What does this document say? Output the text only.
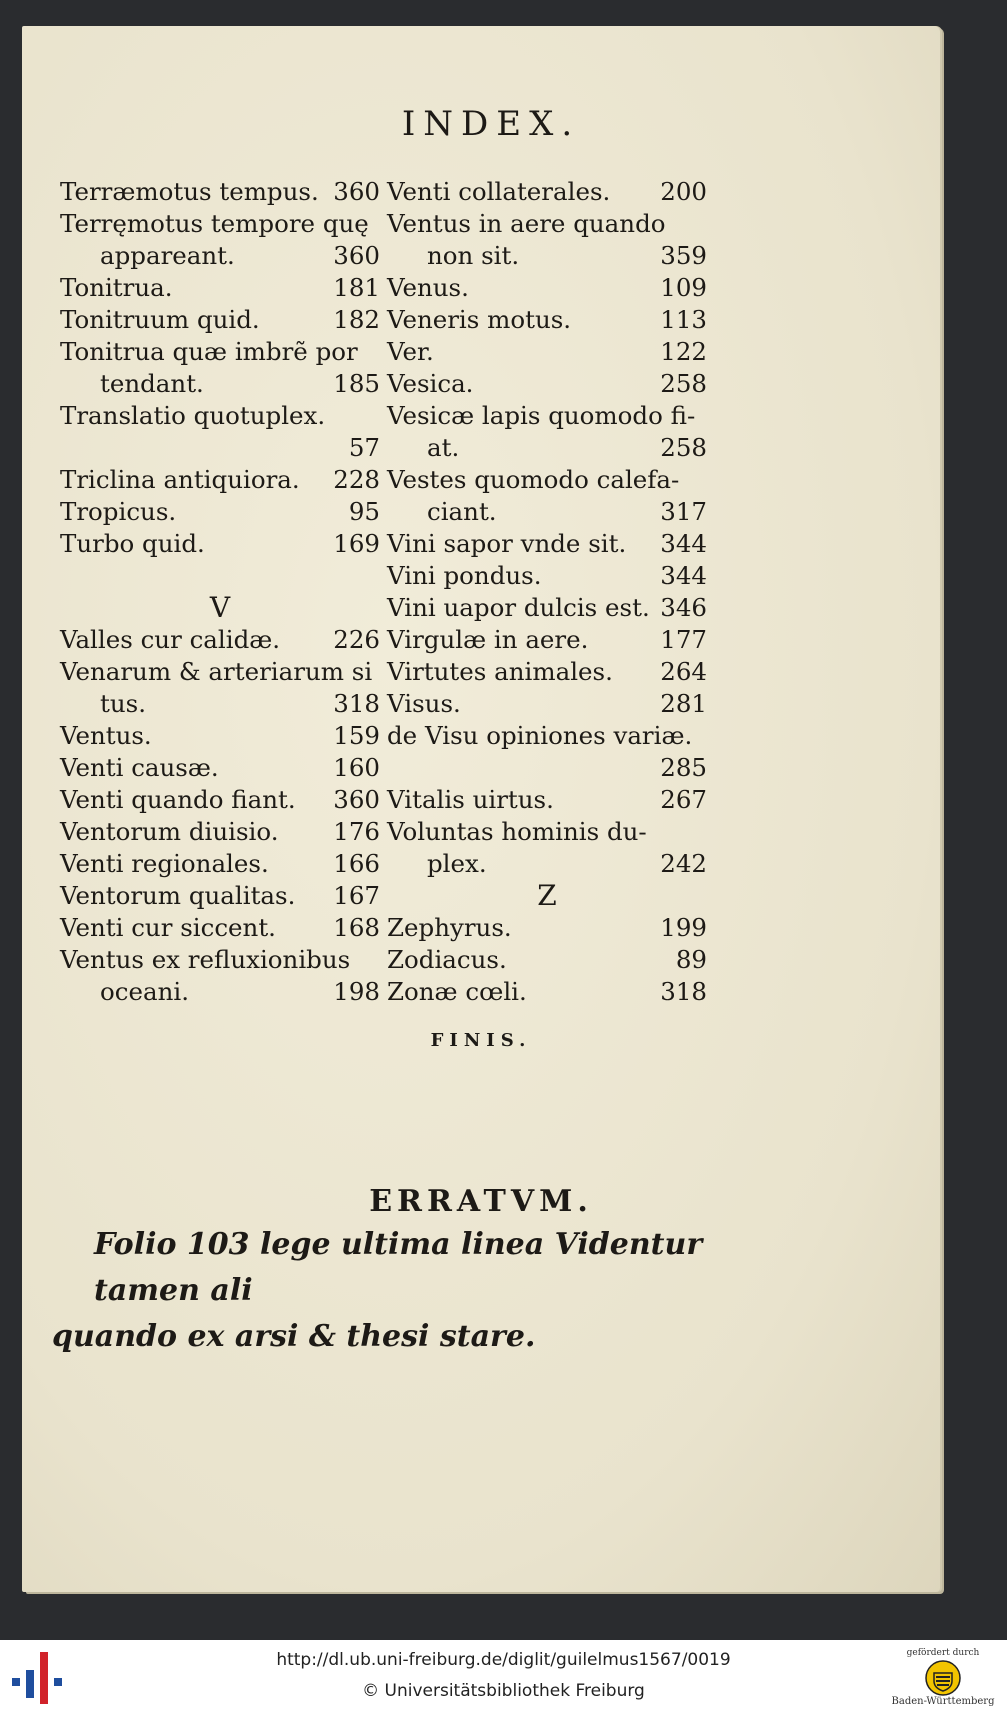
INDEX.
Terræmotus tempus. 360
Terręmotus tempore quę
appareant.	360
Tonitrua.	181
Tonitruum quid.	182
Tonitrua quæ imbrẽ por
tendant.	185
Translatio quotuplex.
57
Triclina antiquiora. 228
Tropicus.	95
Turbo quid.	169
V
Valles cur calidæ. 226
Venarum & arteriarum si
tus.	318
Ventus.	159
Venti causæ.	160
Venti quando fiant. 360
Ventorum diuisio. 176
Venti regionales.	166
Ventorum qualitas. 167
Venti cur siccent. 168
Ventus ex refluxionibus
oceani.	198
Venti collaterales. 200
Ventus in aere quando
non sit.	359
Venus.	109
Veneris motus.	113
Ver.	122
Vesica.	258
Vesicæ lapis quomodo fi-
at.	258
Vestes quomodo calefa-
ciant.	317
Vini sapor vnde sit. 344
Vini pondus.	344
Vini uapor dulcis est. 346
Virgulæ in aere.	177
Virtutes animales. 264
Visus.	281
de Visu opiniones variæ.
285
Vitalis uirtus.	267
Voluntas hominis du-
plex.	242
Z
Zephyrus.	199
Zodiacus.	89
Zonæ cœli.	318
FINIS.
ERRATVM.
Folio 103 lege ultima linea Videntur tamen ali
quando ex arsi & thesi stare.
http://dl.ub.uni-freiburg.de/diglit/guilelmus1567/0019
© Universitätsbibliothek Freiburg
gefördert durch
Baden-Württemberg
